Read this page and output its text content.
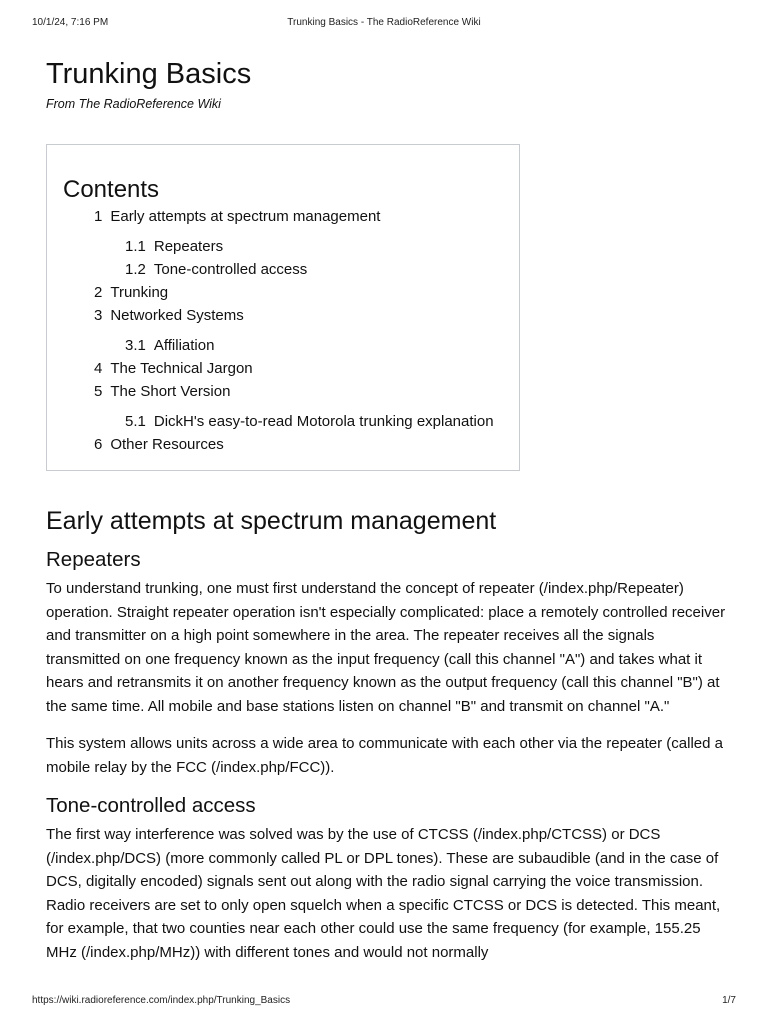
10/1/24, 7:16 PM	Trunking Basics - The RadioReference Wiki
Trunking Basics
From The RadioReference Wiki
Contents
1 Early attempts at spectrum management
1.1 Repeaters
1.2 Tone-controlled access
2 Trunking
3 Networked Systems
3.1 Affiliation
4 The Technical Jargon
5 The Short Version
5.1 DickH's easy-to-read Motorola trunking explanation
6 Other Resources
Early attempts at spectrum management
Repeaters

To understand trunking, one must first understand the concept of repeater (/index.php/Repeater) operation. Straight repeater operation isn't especially complicated: place a remotely controlled receiver and transmitter on a high point somewhere in the area. The repeater receives all the signals transmitted on one frequency known as the input frequency (call this channel "A") and takes what it hears and retransmits it on another frequency known as the output frequency (call this channel "B") at the same time. All mobile and base stations listen on channel "B" and transmit on channel "A."

This system allows units across a wide area to communicate with each other via the repeater (called a mobile relay by the FCC (/index.php/FCC)).

Tone-controlled access

The first way interference was solved was by the use of CTCSS (/index.php/CTCSS) or DCS (/index.php/DCS) (more commonly called PL or DPL tones). These are subaudible (and in the case of DCS, digitally encoded) signals sent out along with the radio signal carrying the voice transmission. Radio receivers are set to only open squelch when a specific CTCSS or DCS is detected. This meant, for example, that two counties near each other could use the same frequency (for example, 155.25 MHz (/index.php/MHz)) with different tones and would not normally

https://wiki.radioreference.com/index.php/Trunking_Basics	1/7
